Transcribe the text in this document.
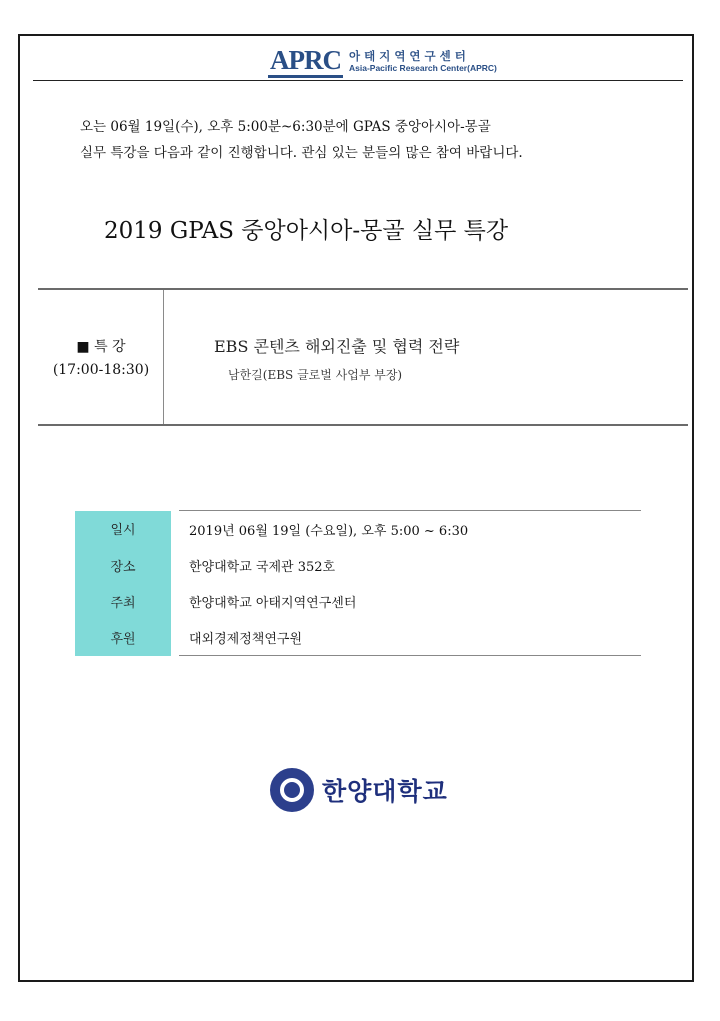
APRC 아태지역연구센터
Asia-Pacific Research Center(APRC)
오는 06월 19일(수), 오후 5:00분~6:30분에 GPAS 중앙아시아-몽골
실무 특강을 다음과 같이 진행합니다. 관심 있는 분들의 많은 참여 바랍니다.
2019 GPAS 중앙아시아-몽골 실무 특강
■ 특 강
(17:00-18:30)
EBS 콘텐츠 해외진출 및 협력 전략
남한길(EBS 글로벌 사업부 부장)
일시	2019년 06월 19일 (수요일), 오후 5:00 ~ 6:30
장소	한양대학교 국제관 352호
주최	한양대학교 아태지역연구센터
후원	대외경제정책연구원
한양대학교
